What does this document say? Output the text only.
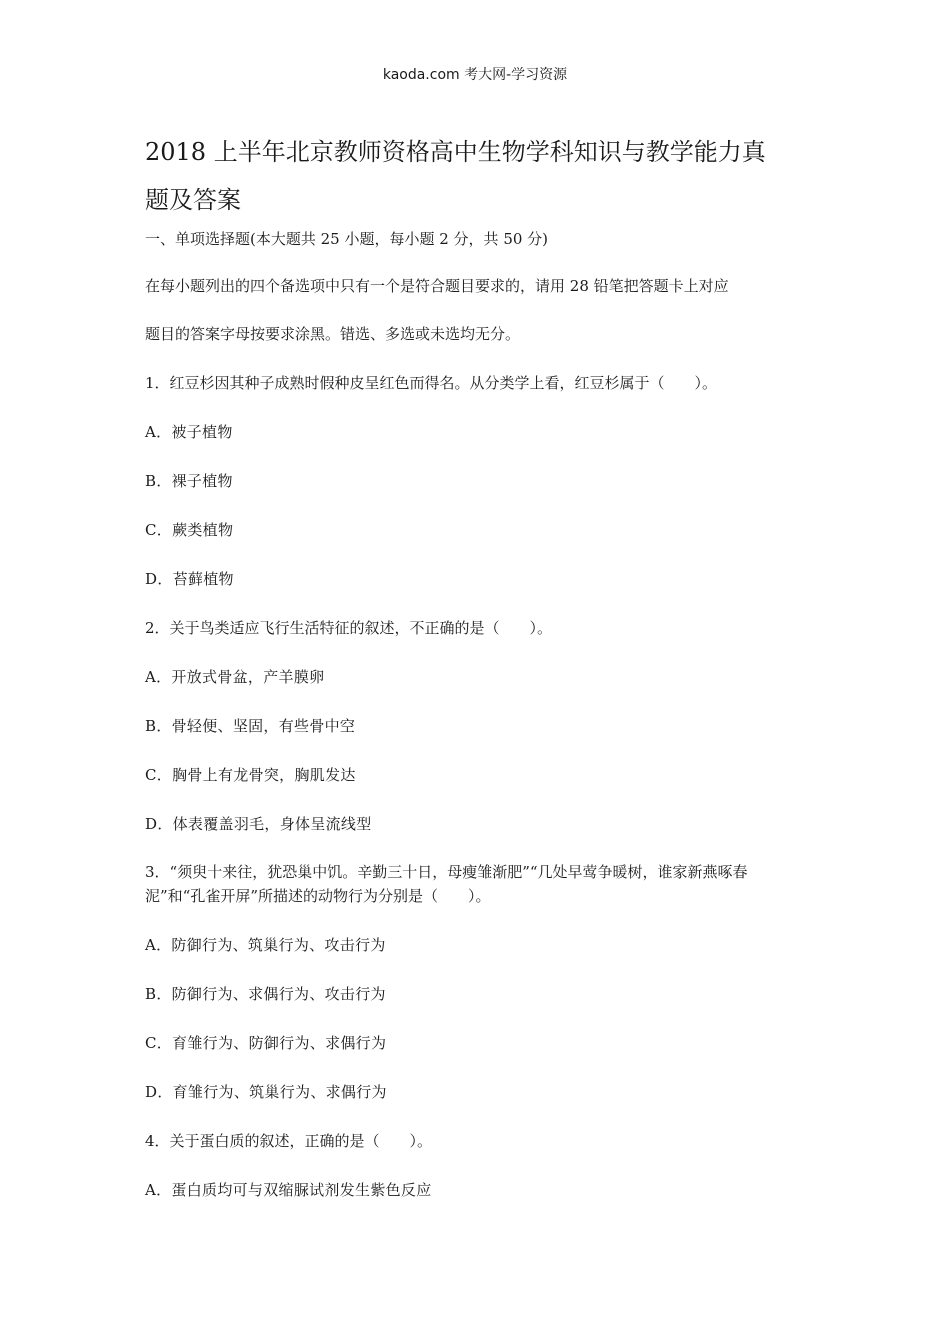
kaoda.com 考大网-学习资源
2018 上半年北京教师资格高中生物学科知识与教学能力真
题及答案
一、单项选择题(本大题共 25 小题，每小题 2 分，共 50 分)
在每小题列出的四个备选项中只有一个是符合题目要求的，请用 28 铅笔把答题卡上对应
题目的答案字母按要求涂黑。错选、多选或未选均无分。
1．红豆杉因其种子成熟时假种皮呈红色而得名。从分类学上看，红豆杉属于（　　）。
A．被子植物
B．裸子植物
C．蕨类植物
D．苔藓植物
2．关于鸟类适应飞行生活特征的叙述，不正确的是（　　）。
A．开放式骨盆，产羊膜卵
B．骨轻便、坚固，有些骨中空
C．胸骨上有龙骨突，胸肌发达
D．体表覆盖羽毛，身体呈流线型
3．“须臾十来往，犹恐巢中饥。辛勤三十日，母瘦雏渐肥”“几处早莺争暖树，谁家新燕啄春
泥”和“孔雀开屏”所描述的动物行为分别是（　　）。
A．防御行为、筑巢行为、攻击行为
B．防御行为、求偶行为、攻击行为
C．育雏行为、防御行为、求偶行为
D．育雏行为、筑巢行为、求偶行为
4．关于蛋白质的叙述，正确的是（　　）。
A．蛋白质均可与双缩脲试剂发生紫色反应
